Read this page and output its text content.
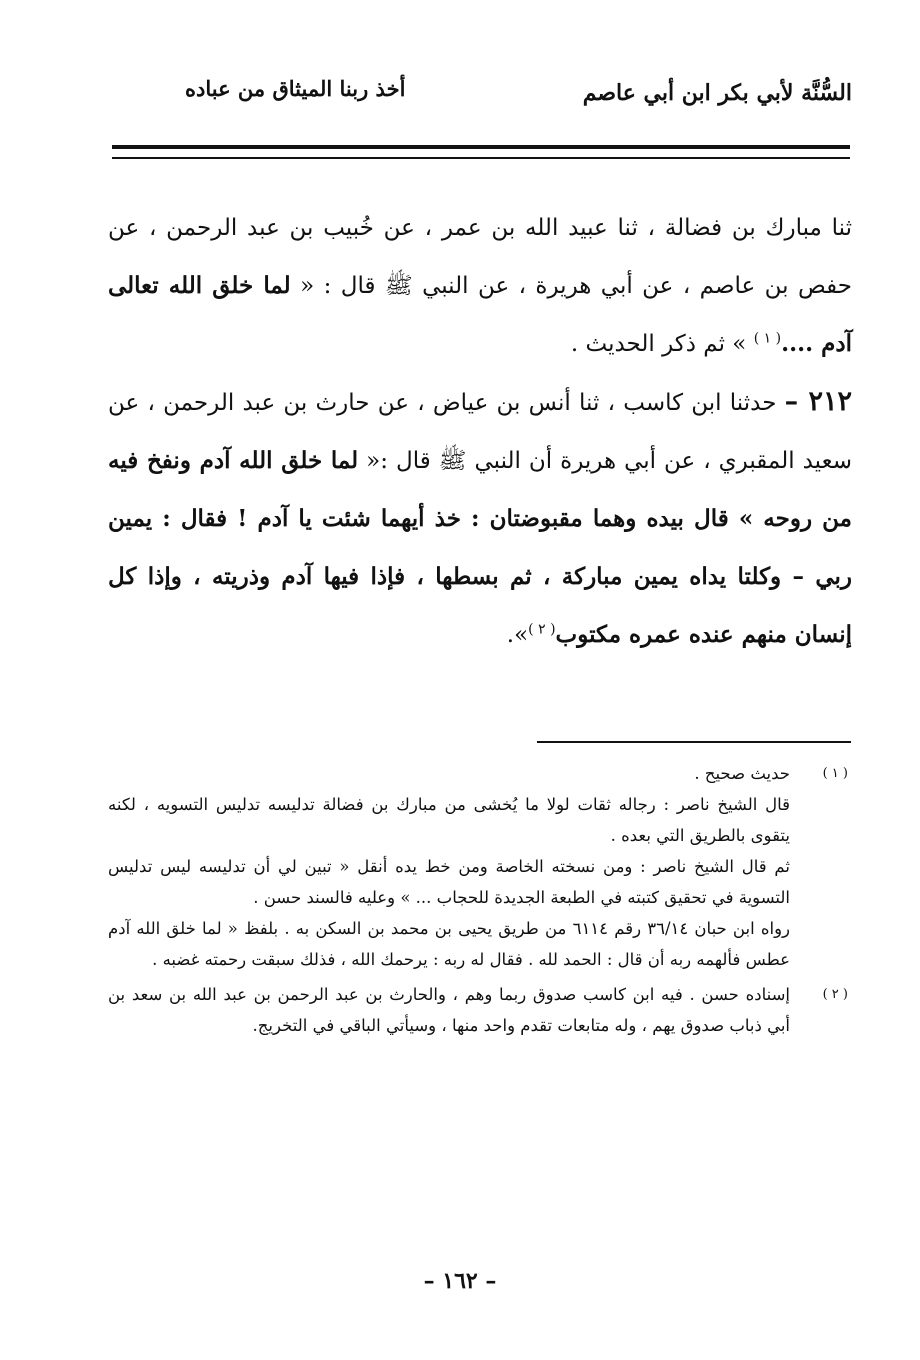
السُّنَّة لأبي بكر ابن أبي عاصم
أخذ ربنا الميثاق من عباده

ثنا مبارك بن فضالة ، ثنا عبيد الله بن عمر ، عن خُبيب بن عبد الرحمن ، عن حفص بن عاصم ، عن أبي هريرة ، عن النبي ﷺ قال : « لما خلق الله تعالى آدم ....$^{( ١ )}$ » ثم ذكر الحديث .

٢١٢ – حدثنا ابن كاسب ، ثنا أنس بن عياض ، عن حارث بن عبد الرحمن ، عن سعيد المقبري ، عن أبي هريرة أن النبي ﷺ قال :« لما خلق الله آدم ونفخ فيه من روحه » قال بيده وهما مقبوضتان : خذ أيهما شئت يا آدم ! فقال : يمين ربي – وكلتا يداه يمين مباركة ، ثم بسطها ، فإذا فيها آدم وذريته ، وإذا كل إنسان منهم عنده عمره مكتوب$^{( ٢ )}$».

( ١ )

حديث صحيح .

قال الشيخ ناصر : رجاله ثقات لولا ما يُخشى من مبارك بن فضالة تدليسه تدليس التسويه ، لكنه يتقوى بالطريق التي بعده .

ثم قال الشيخ ناصر : ومن نسخته الخاصة ومن خط يده أنقل « تبين لي أن تدليسه ليس تدليس التسوية في تحقيق كتبته في الطبعة الجديدة للحجاب ... » وعليه فالسند حسن .

رواه ابن حبان ٣٦/١٤ رقم ٦١١٤ من طريق يحيى بن محمد بن السكن به . بلفظ « لما خلق الله آدم عطس فألهمه ربه أن قال : الحمد لله . فقال له ربه : يرحمك الله ، فذلك سبقت رحمته غضبه .

( ٢ )

إسناده حسن . فيه ابن كاسب صدوق ربما وهم ، والحارث بن عبد الرحمن بن عبد الله بن سعد بن أبي ذباب صدوق يهم ، وله متابعات تقدم واحد منها ، وسيأتي الباقي في التخريج.

– ١٦٢ –
